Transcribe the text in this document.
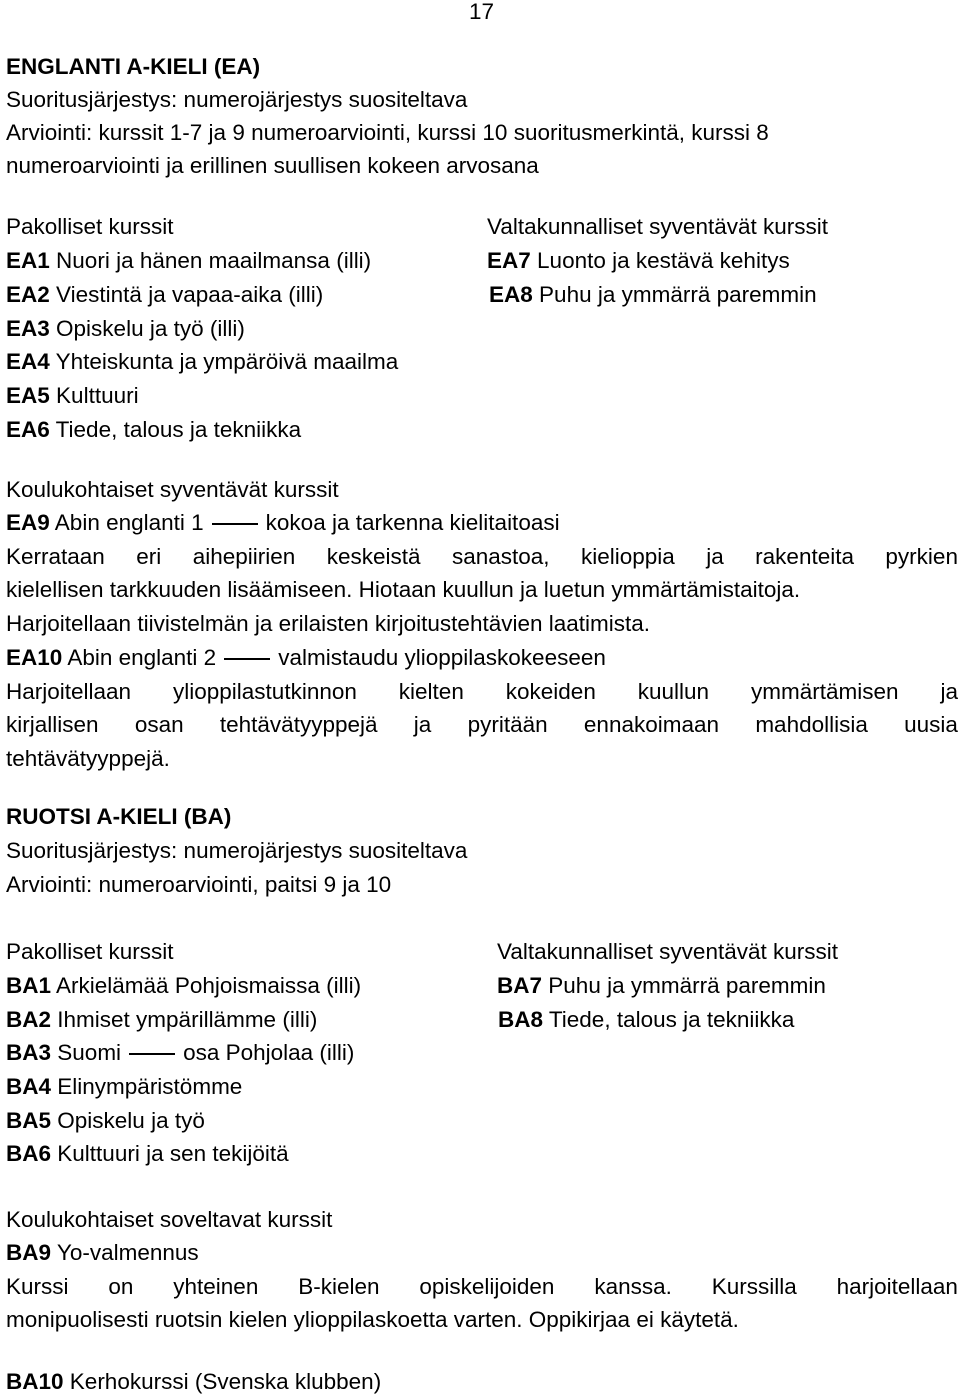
17
ENGLANTI A-KIELI (EA)
Suoritusjärjestys: numerojärjestys suositeltava
Arviointi: kurssit 1-7 ja 9 numeroarviointi, kurssi 10 suoritusmerkintä, kurssi 8
numeroarviointi ja erillinen suullisen kokeen arvosana
Pakolliset kurssit
EA1 Nuori ja hänen maailmansa (illi)
EA2 Viestintä ja vapaa-aika (illi)
EA3 Opiskelu ja työ (illi)
EA4 Yhteiskunta ja ympäröivä maailma
EA5 Kulttuuri
EA6 Tiede, talous ja tekniikka
Valtakunnalliset syventävät kurssit
EA7 Luonto ja kestävä kehitys
EA8 Puhu ja ymmärrä paremmin
Koulukohtaiset syventävät kurssit
EA9 Abin englanti 1	kokoa ja tarkenna kielitaitoasi
Kerrataan eri aihepiirien keskeistä sanastoa, kielioppia ja rakenteita pyrkien
kielellisen tarkkuuden lisäämiseen. Hiotaan kuullun ja luetun ymmärtämistaitoja.
Harjoitellaan tiivistelmän ja erilaisten kirjoitustehtävien laatimista.
EA10 Abin englanti 2	valmistaudu ylioppilaskokeeseen
Harjoitellaan ylioppilastutkinnon kielten kokeiden kuullun ymmärtämisen ja
kirjallisen osan tehtävätyyppejä ja pyritään ennakoimaan mahdollisia uusia
tehtävätyyppejä.
RUOTSI A-KIELI (BA)
Suoritusjärjestys: numerojärjestys suositeltava
Arviointi: numeroarviointi, paitsi 9 ja 10
Pakolliset kurssit
BA1 Arkielämää Pohjoismaissa (illi)
BA2 Ihmiset ympärillämme (illi)
BA3 Suomi	osa Pohjolaa (illi)
BA4 Elinympäristömme
BA5 Opiskelu ja työ
BA6 Kulttuuri ja sen tekijöitä
Valtakunnalliset syventävät kurssit
BA7 Puhu ja ymmärrä paremmin
BA8 Tiede, talous ja tekniikka
Koulukohtaiset soveltavat kurssit
BA9 Yo-valmennus
Kurssi on yhteinen B-kielen opiskelijoiden kanssa. Kurssilla harjoitellaan
monipuolisesti ruotsin kielen ylioppilaskoetta varten. Oppikirjaa ei käytetä.
BA10 Kerhokurssi (Svenska klubben)
